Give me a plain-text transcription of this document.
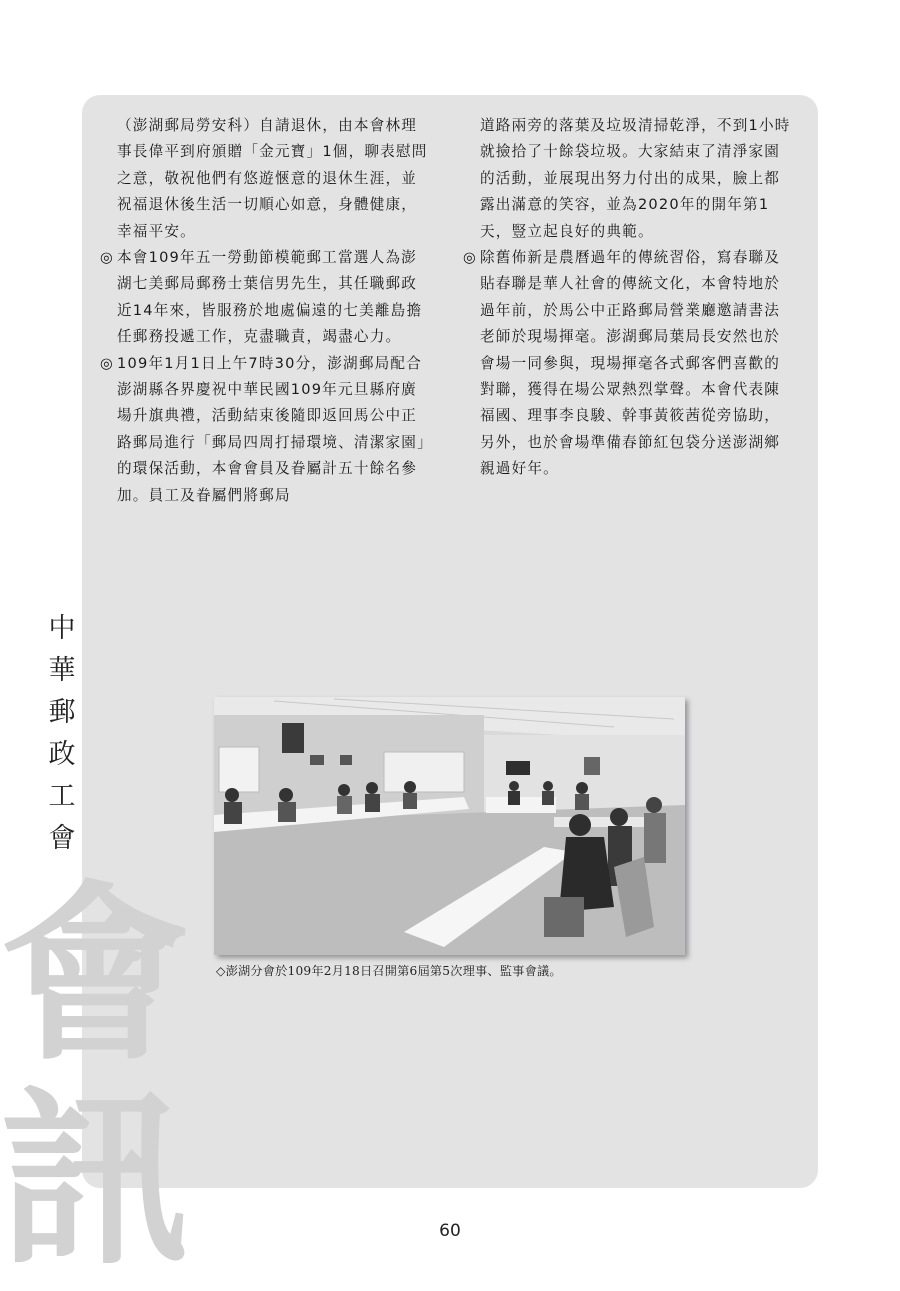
會
訊
中
華
郵
政
工
會

（澎湖郵局勞安科）自請退休，由本會林理事長偉平到府頒贈「金元寶」1個，聊表慰問之意，敬祝他們有悠遊愜意的退休生涯，並祝福退休後生活一切順心如意，身體健康，幸福平安。

◎ 本會109年五一勞動節模範郵工當選人為澎湖七美郵局郵務士葉信男先生，其任職郵政近14年來，皆服務於地處偏遠的七美離島擔任郵務投遞工作，克盡職責，竭盡心力。

◎ 109年1月1日上午7時30分，澎湖郵局配合澎湖縣各界慶祝中華民國109年元旦縣府廣場升旗典禮，活動結束後隨即返回馬公中正路郵局進行「郵局四周打掃環境、清潔家園」的環保活動，本會會員及眷屬計五十餘名參加。員工及眷屬們將郵局

道路兩旁的落葉及垃圾清掃乾淨，不到1小時就撿拾了十餘袋垃圾。大家結束了清淨家園的活動，並展現出努力付出的成果，臉上都露出滿意的笑容，並為2020年的開年第1天，豎立起良好的典範。

◎ 除舊佈新是農曆過年的傳統習俗，寫春聯及貼春聯是華人社會的傳統文化，本會特地於過年前，於馬公中正路郵局營業廳邀請書法老師於現場揮毫。澎湖郵局葉局長安然也於會場一同參與，現場揮毫各式郵客們喜歡的對聯，獲得在場公眾熱烈掌聲。本會代表陳福國、理事李良駿、幹事黃筱茜從旁協助，另外，也於會場準備春節紅包袋分送澎湖鄉親過好年。

◇澎湖分會於109年2月18日召開第6屆第5次理事、監事會議。
60
